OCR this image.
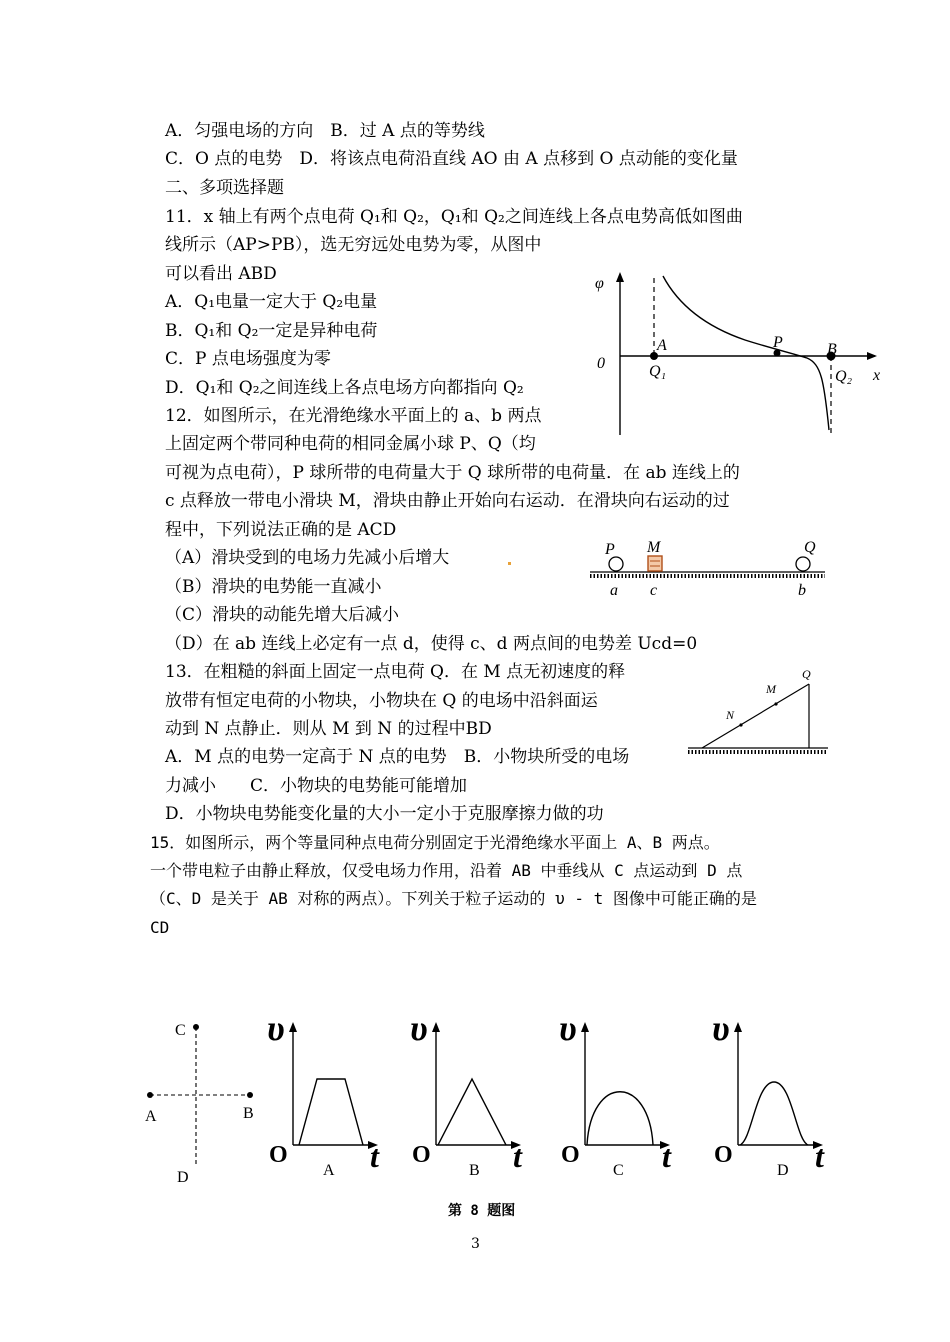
A．匀强电场的方向　B．过 A 点的等势线
C．O 点的电势　D．将该点电荷沿直线 AO 由 A 点移到 O 点动能的变化量
二、多项选择题
11．x 轴上有两个点电荷 Q₁和 Q₂，Q₁和 Q₂之间连线上各点电势高低如图曲
线所示（AP>PB），选无穷远处电势为零，从图中
可以看出 ABD
A．Q₁电量一定大于 Q₂电量
B．Q₁和 Q₂一定是异种电荷
C．P 点电场强度为零
D．Q₁和 Q₂之间连线上各点电场方向都指向 Q₂
12．如图所示，在光滑绝缘水平面上的 a、b 两点
上固定两个带同种电荷的相同金属小球 P、Q（均
可视为点电荷），P 球所带的电荷量大于 Q 球所带的电荷量．在 ab 连线上的
c 点释放一带电小滑块 M，滑块由静止开始向右运动．在滑块向右运动的过
程中，下列说法正确的是 ACD
（A）滑块受到的电场力先减小后增大
（B）滑块的电势能一直减小
（C）滑块的动能先增大后减小
（D）在 ab 连线上必定有一点 d，使得 c、d 两点间的电势差 Ucd=0
13．在粗糙的斜面上固定一点电荷 Q．在 M 点无初速度的释
放带有恒定电荷的小物块，小物块在 Q 的电场中沿斜面运
动到 N 点静止．则从 M 到 N 的过程中BD
A．M 点的电势一定高于 N 点的电势　B．小物块所受的电场
力减小　　C．小物块的电势能可能增加
D．小物块电势能变化量的大小一定小于克服摩擦力做的功
15．如图所示，两个等量同种点电荷分别固定于光滑绝缘水平面上 A、B 两点。
一个带电粒子由静止释放，仅受电场力作用，沿着 AB 中垂线从 C 点运动到 D 点
（C、D 是关于 AB 对称的两点）。下列关于粒子运动的 υ - t 图像中可能正确的是
CD
φ
0
x
A	P	B
Q₁	Q₂
P M	Q
a c	b
Q
M
N
C
A	B
D
υ
O	t
A
υ
O	t
B
υ
O	t
C
υ
O	t
D
第 8 题图
3
